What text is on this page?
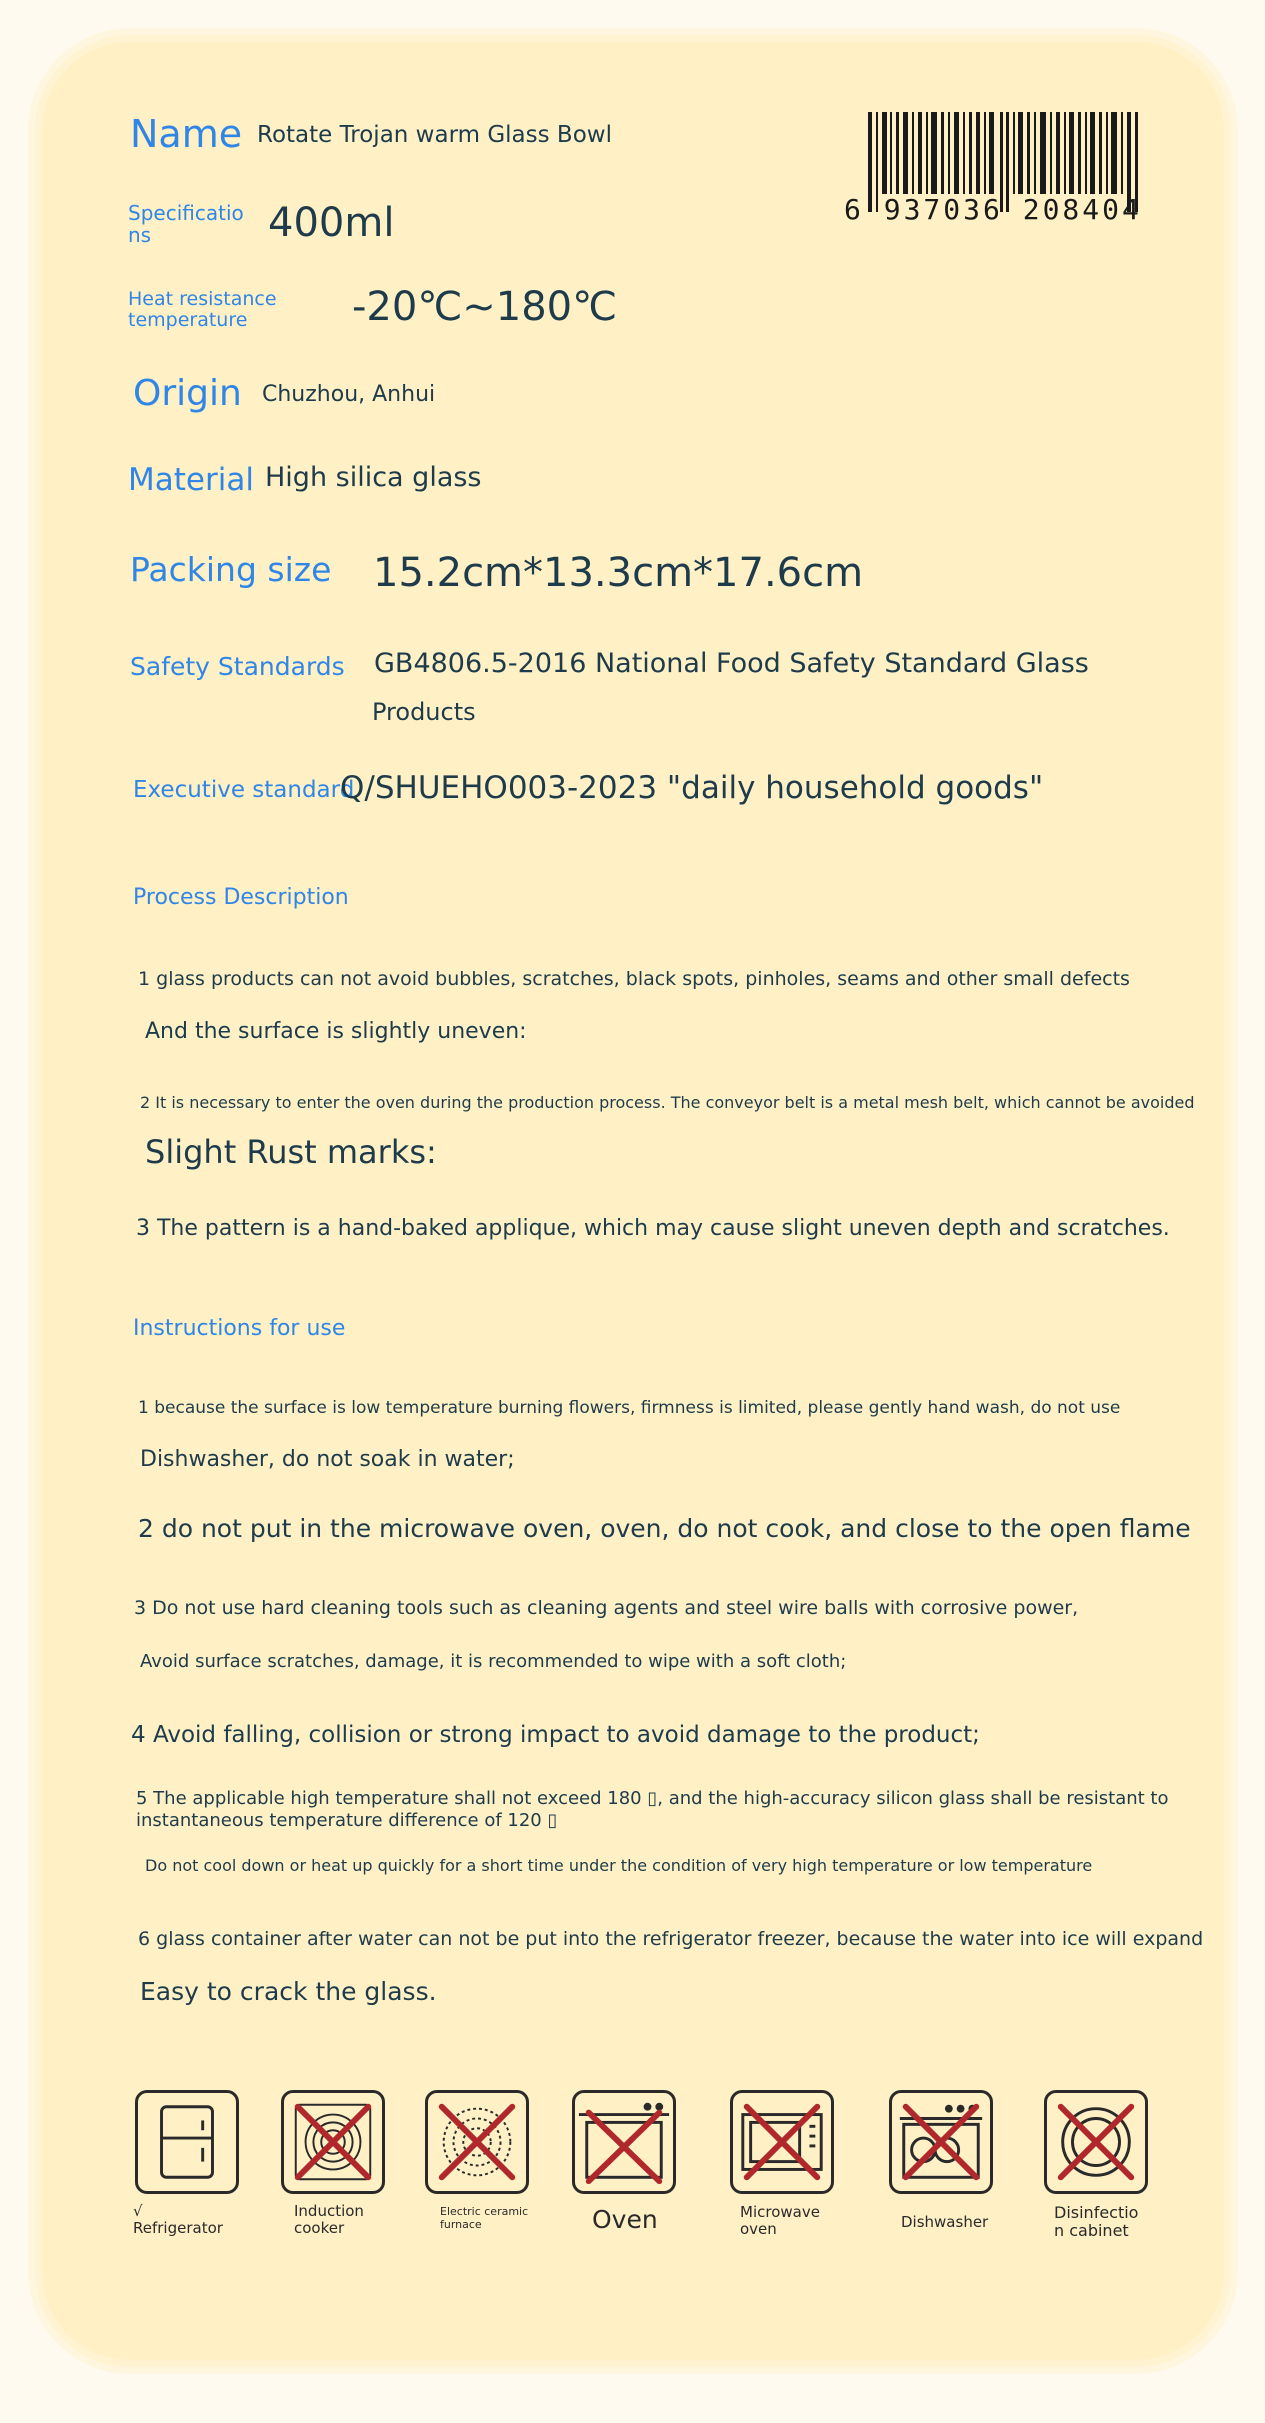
6 937036 208404

Name Rotate Trojan warm Glass Bowl

Specificatio

ns	400ml

Heat resistance

temperature	-20℃~180℃

Origin Chuzhou, Anhui

Material High silica glass

Packing size 15.2cm*13.3cm*17.6cm

Safety Standards GB4806.5-2016 National Food Safety Standard Glass

Products

Executive standard

Q/SHUEHO003-2023 "daily household goods"

Process Description

1 glass products can not avoid bubbles, scratches, black spots, pinholes, seams and other small defects

And the surface is slightly uneven:

2 It is necessary to enter the oven during the production process. The conveyor belt is a metal mesh belt, which cannot be avoided

Slight Rust marks:

3 The pattern is a hand-baked applique, which may cause slight uneven depth and scratches.

Instructions for use

1 because the surface is low temperature burning flowers, firmness is limited, please gently hand wash, do not use

Dishwasher, do not soak in water;

2 do not put in the microwave oven, oven, do not cook, and close to the open flame

3 Do not use hard cleaning tools such as cleaning agents and steel wire balls with corrosive power,

Avoid surface scratches, damage, it is recommended to wipe with a soft cloth;

4 Avoid falling, collision or strong impact to avoid damage to the product;

5 The applicable high temperature shall not exceed 180 ▯, and the high-accuracy silicon glass shall be resistant to

instantaneous temperature difference of 120 ▯

Do not cool down or heat up quickly for a short time under the condition of very high temperature or low temperature

6 glass container after water can not be put into the refrigerator freezer, because the water into ice will expand

Easy to crack the glass.

√
Refrigerator
Induction
cooker
Electric ceramic
furnace	Oven	Microwave
oven	Dishwasher	Disinfectio
n cabinet
